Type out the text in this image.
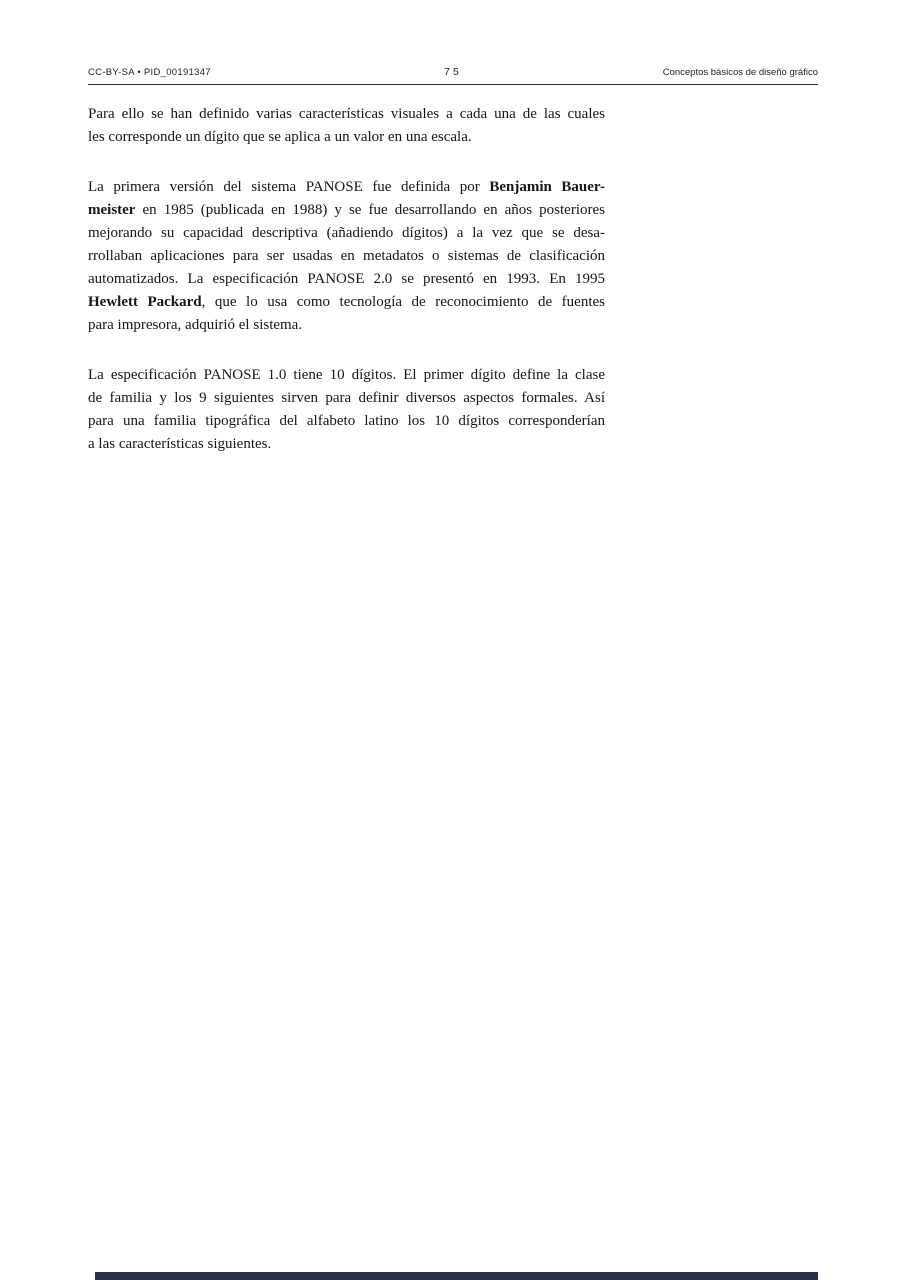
CC-BY-SA • PID_00191347	75	Conceptos básicos de diseño gráfico
Para ello se han definido varias características visuales a cada una de las cuales
les corresponde un dígito que se aplica a un valor en una escala.
La primera versión del sistema PANOSE fue definida por Benjamin Bauer-
meister en 1985 (publicada en 1988) y se fue desarrollando en años posteriores
mejorando su capacidad descriptiva (añadiendo dígitos) a la vez que se desa-
rrollaban aplicaciones para ser usadas en metadatos o sistemas de clasificación
automatizados. La especificación PANOSE 2.0 se presentó en 1993. En 1995
Hewlett Packard, que lo usa como tecnología de reconocimiento de fuentes
para impresora, adquirió el sistema.
La especificación PANOSE 1.0 tiene 10 dígitos. El primer dígito define la clase
de familia y los 9 siguientes sirven para definir diversos aspectos formales. Así
para una familia tipográfica del alfabeto latino los 10 dígitos corresponderían
a las características siguientes.
